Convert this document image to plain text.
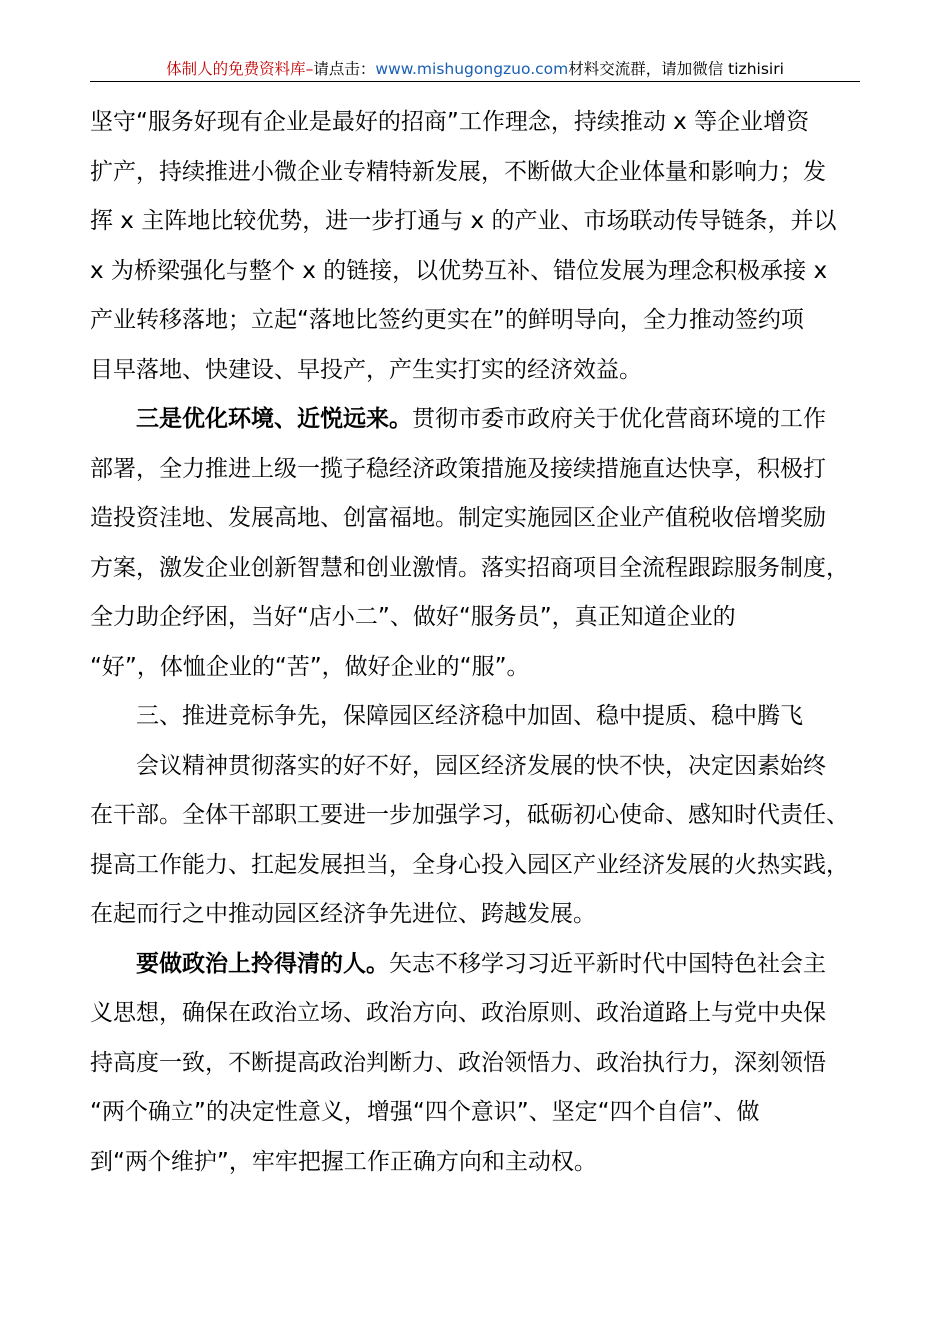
体制人的免费资料库–请点击：www.mishugongzuo.com材料交流群，请加微信 tizhisiri
坚守“服务好现有企业是最好的招商”工作理念，持续推动 x 等企业增资
扩产，持续推进小微企业专精特新发展，不断做大企业体量和影响力；发
挥 x 主阵地比较优势，进一步打通与 x 的产业、市场联动传导链条，并以
x 为桥梁强化与整个 x 的链接，以优势互补、错位发展为理念积极承接 x
产业转移落地；立起“落地比签约更实在”的鲜明导向，全力推动签约项
目早落地、快建设、早投产，产生实打实的经济效益。
三是优化环境、近悦远来。贯彻市委市政府关于优化营商环境的工作
部署，全力推进上级一揽子稳经济政策措施及接续措施直达快享，积极打
造投资洼地、发展高地、创富福地。制定实施园区企业产值税收倍增奖励
方案，激发企业创新智慧和创业激情。落实招商项目全流程跟踪服务制度，
全力助企纾困，当好“店小二”、做好“服务员”，真正知道企业的
“好”，体恤企业的“苦”，做好企业的“服”。
三、推进竞标争先，保障园区经济稳中加固、稳中提质、稳中腾飞
会议精神贯彻落实的好不好，园区经济发展的快不快，决定因素始终
在干部。全体干部职工要进一步加强学习，砥砺初心使命、感知时代责任、
提高工作能力、扛起发展担当，全身心投入园区产业经济发展的火热实践，
在起而行之中推动园区经济争先进位、跨越发展。
要做政治上拎得清的人。矢志不移学习习近平新时代中国特色社会主
义思想，确保在政治立场、政治方向、政治原则、政治道路上与党中央保
持高度一致，不断提高政治判断力、政治领悟力、政治执行力，深刻领悟
“两个确立”的决定性意义，增强“四个意识”、坚定“四个自信”、做
到“两个维护”，牢牢把握工作正确方向和主动权。
